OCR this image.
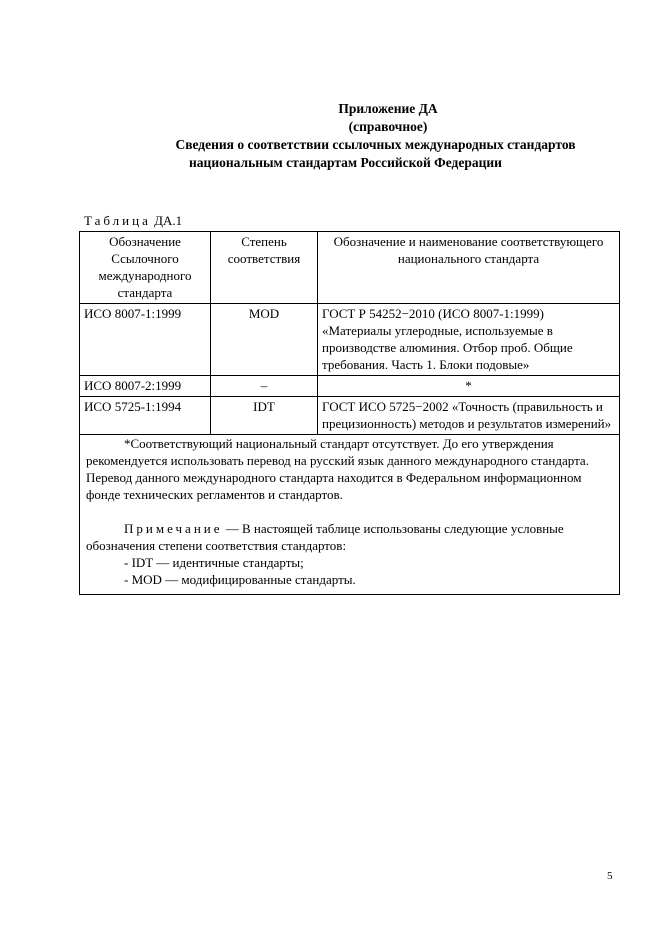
Приложение ДА
(справочное)
Сведения о соответствии ссылочных международных стандартов
национальным стандартам Российской Федерации
Таблица ДА.1
Обозначение Ссылочного международного стандарта	Степень соответствия	Обозначение и наименование соответствующего национального стандарта
ИСО 8007-1:1999	MOD	ГОСТ Р 54252−2010 (ИСО 8007-1:1999) «Материалы углеродные, используемые в производстве алюминия. Отбор проб. Общие требования. Часть 1. Блоки подовые»
ИСО 8007-2:1999	–	*
ИСО 5725-1:1994	IDT	ГОСТ ИСО 5725−2002 «Точность (правильность и прецизионность) методов и результатов измерений»

*Соответствующий национальный стандарт отсутствует. До его утверждения рекомендуется использовать перевод на русский язык данного международного стандарта. Перевод данного международного стандарта находится в Федеральном информационном фонде технических регламентов и стандартов.

Примечание — В настоящей таблице использованы следующие условные обозначения степени соответствия стандартов:

- IDT — идентичные стандарты;

- MOD — модифицированные стандарты.		

5
